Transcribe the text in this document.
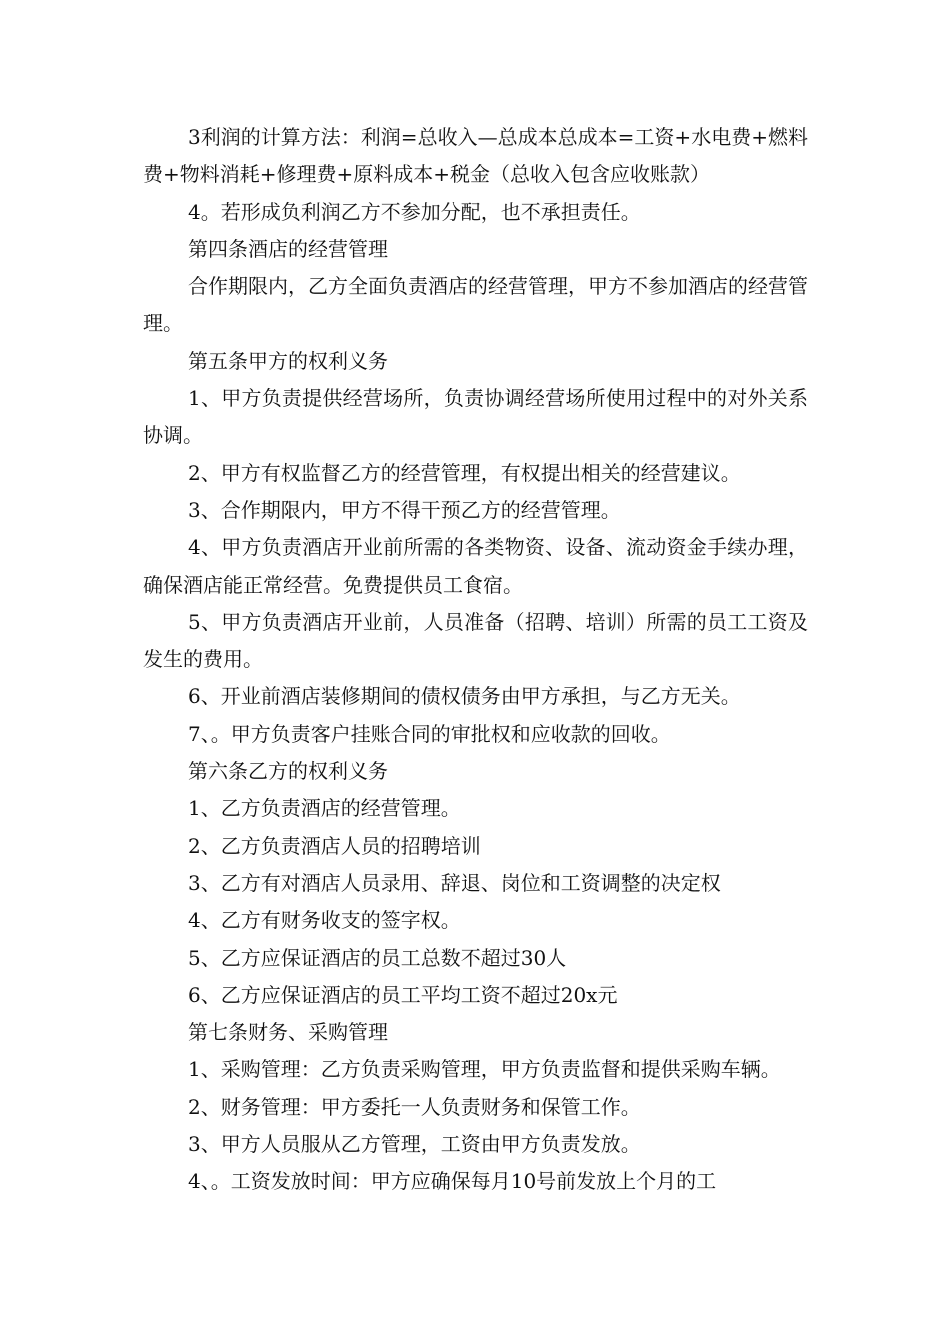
3利润的计算方法：利润=总收入—总成本总成本=工资+水电费+燃料费+物料消耗+修理费+原料成本+税金（总收入包含应收账款）

4。若形成负利润乙方不参加分配，也不承担责任。

第四条酒店的经营管理

合作期限内，乙方全面负责酒店的经营管理，甲方不参加酒店的经营管理。

第五条甲方的权利义务

1、甲方负责提供经营场所，负责协调经营场所使用过程中的对外关系协调。

2、甲方有权监督乙方的经营管理，有权提出相关的经营建议。

3、合作期限内，甲方不得干预乙方的经营管理。

4、甲方负责酒店开业前所需的各类物资、设备、流动资金手续办理，确保酒店能正常经营。免费提供员工食宿。

5、甲方负责酒店开业前，人员准备（招聘、培训）所需的员工工资及发生的费用。

6、开业前酒店装修期间的债权债务由甲方承担，与乙方无关。

7、。甲方负责客户挂账合同的审批权和应收款的回收。

第六条乙方的权利义务

1、乙方负责酒店的经营管理。

2、乙方负责酒店人员的招聘培训

3、乙方有对酒店人员录用、辞退、岗位和工资调整的决定权

4、乙方有财务收支的签字权。

5、乙方应保证酒店的员工总数不超过30人

6、乙方应保证酒店的员工平均工资不超过20x元

第七条财务、采购管理

1、采购管理：乙方负责采购管理，甲方负责监督和提供采购车辆。

2、财务管理：甲方委托一人负责财务和保管工作。

3、甲方人员服从乙方管理，工资由甲方负责发放。

4、。工资发放时间：甲方应确保每月10号前发放上个月的工
